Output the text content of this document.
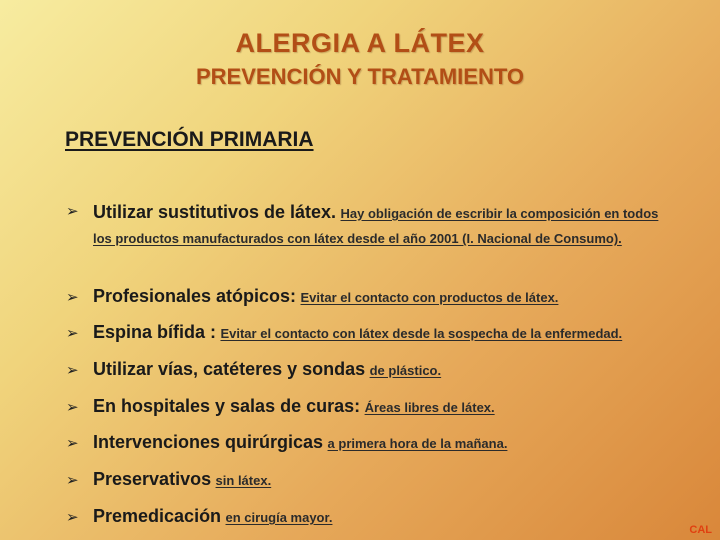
ALERGIA A LÁTEX
PREVENCIÓN Y TRATAMIENTO
PREVENCIÓN PRIMARIA
➢ Utilizar sustitutivos de látex. Hay obligación de escribir la composición en todos los productos manufacturados con látex desde el año 2001 (I. Nacional de Consumo).
➢ Profesionales atópicos: Evitar el contacto con productos de látex.
➢ Espina bífida : Evitar el contacto con látex desde la sospecha de la enfermedad.
➢ Utilizar vías, catéteres y sondas de plástico.
➢ En hospitales y salas de curas: Áreas libres de látex.
➢ Intervenciones quirúrgicas a primera hora de la mañana.
➢ Preservativos sin látex.
➢ Premedicación en cirugía mayor.
CAL
